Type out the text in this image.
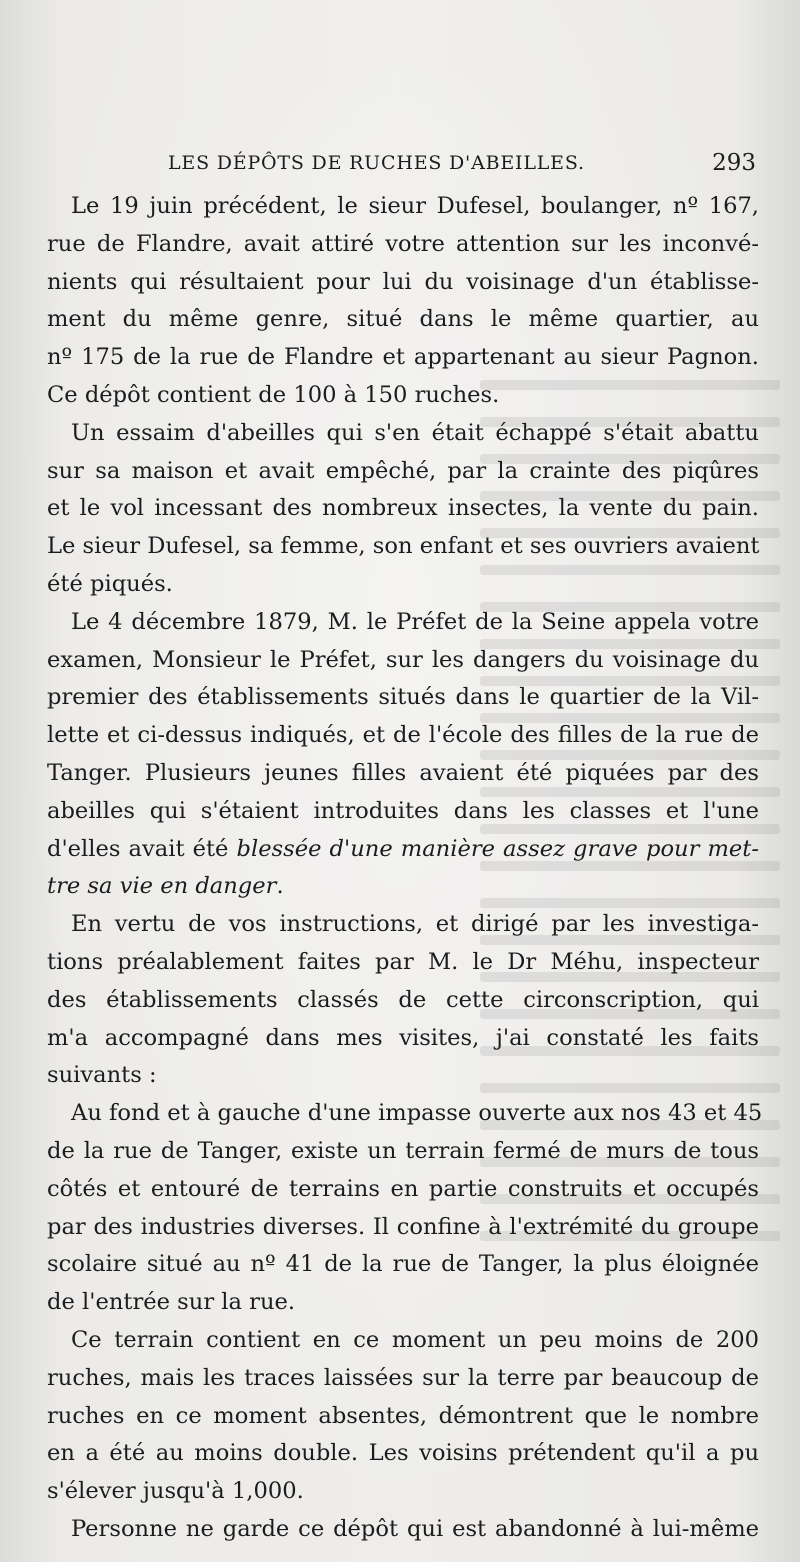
LES DÉPÔTS DE RUCHES D'ABEILLES.	293
Le 19 juin précédent, le sieur Dufesel, boulanger, nº 167,
rue de Flandre, avait attiré votre attention sur les inconvé-
nients qui résultaient pour lui du voisinage d'un établisse-
ment du même genre, situé dans le même quartier, au
nº 175 de la rue de Flandre et appartenant au sieur Pagnon.
Ce dépôt contient de 100 à 150 ruches.
Un essaim d'abeilles qui s'en était échappé s'était abattu
sur sa maison et avait empêché, par la crainte des piqûres
et le vol incessant des nombreux insectes, la vente du pain.
Le sieur Dufesel, sa femme, son enfant et ses ouvriers avaient
été piqués.
Le 4 décembre 1879, M. le Préfet de la Seine appela votre
examen, Monsieur le Préfet, sur les dangers du voisinage du
premier des établissements situés dans le quartier de la Vil-
lette et ci-dessus indiqués, et de l'école des filles de la rue de
Tanger. Plusieurs jeunes filles avaient été piquées par des
abeilles qui s'étaient introduites dans les classes et l'une
d'elles avait été blessée d'une manière assez grave pour met-
tre sa vie en danger.
En vertu de vos instructions, et dirigé par les investiga-
tions préalablement faites par M. le Dr Méhu, inspecteur
des établissements classés de cette circonscription, qui
m'a accompagné dans mes visites, j'ai constaté les faits
suivants :
Au fond et à gauche d'une impasse ouverte aux nos 43 et 45
de la rue de Tanger, existe un terrain fermé de murs de tous
côtés et entouré de terrains en partie construits et occupés
par des industries diverses. Il confine à l'extrémité du groupe
scolaire situé au nº 41 de la rue de Tanger, la plus éloignée
de l'entrée sur la rue.
Ce terrain contient en ce moment un peu moins de 200
ruches, mais les traces laissées sur la terre par beaucoup de
ruches en ce moment absentes, démontrent que le nombre
en a été au moins double. Les voisins prétendent qu'il a pu
s'élever jusqu'à 1,000.
Personne ne garde ce dépôt qui est abandonné à lui-même
